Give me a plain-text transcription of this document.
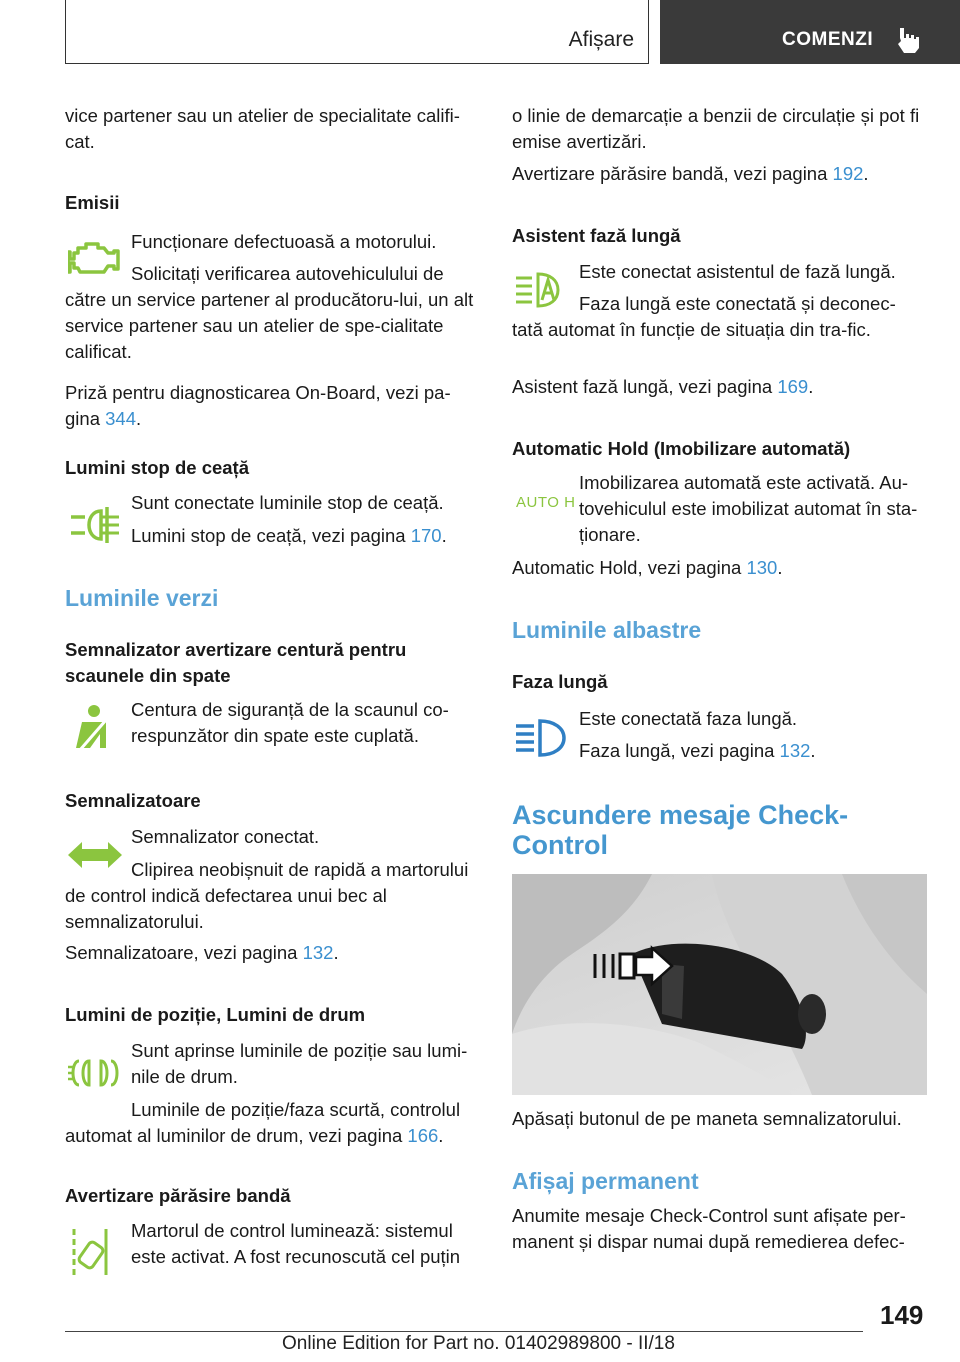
Afișare	COMENZI
vice partener sau un atelier de specialitate califi-cat.
Emisii
Funcționare defectuoasă a motorului.
Solicitați verificarea autovehiculului de către un service partener al producătoru-lui, un alt service partener sau un atelier de spe-cialitate calificat.
Priză pentru diagnosticarea On-Board, vezi pa-gina 344.
Lumini stop de ceață
Sunt conectate luminile stop de ceață.
Lumini stop de ceață, vezi pagina 170.
Luminile verzi
Semnalizator avertizare centură pentru scaunele din spate
Centura de siguranță de la scaunul co-respunzător din spate este cuplată.
Semnalizatoare
Semnalizator conectat.
Clipirea neobișnuit de rapidă a martorului de control indică defectarea unui bec al semnalizatorului.
Semnalizatoare, vezi pagina 132.
Lumini de poziție, Lumini de drum
Sunt aprinse luminile de poziție sau lumi-nile de drum.
Luminile de poziție/faza scurtă, controlul automat al luminilor de drum, vezi pagina 166.
Avertizare părăsire bandă
Martorul de control luminează: sistemul este activat. A fost recunoscută cel puțin
o linie de demarcație a benzii de circulație și pot fi emise avertizări.
Avertizare părăsire bandă, vezi pagina 192.
Asistent fază lungă
Este conectat asistentul de fază lungă.
Faza lungă este conectată și deconec-tată automat în funcție de situația din tra-fic.
Asistent fază lungă, vezi pagina 169.
Automatic Hold (Imobilizare automată)
AUTO H
Imobilizarea automată este activată. Au-tovehiculul este imobilizat automat în sta-ționare.
Automatic Hold, vezi pagina 130.
Luminile albastre
Faza lungă
Este conectată faza lungă.
Faza lungă, vezi pagina 132.
Ascundere mesaje Check-Control
Apăsați butonul de pe maneta semnalizatorului.
Afișaj permanent
Anumite mesaje Check-Control sunt afișate per-manent și dispar numai după remedierea defec-
149
Online Edition for Part no. 01402989800 - II/18
